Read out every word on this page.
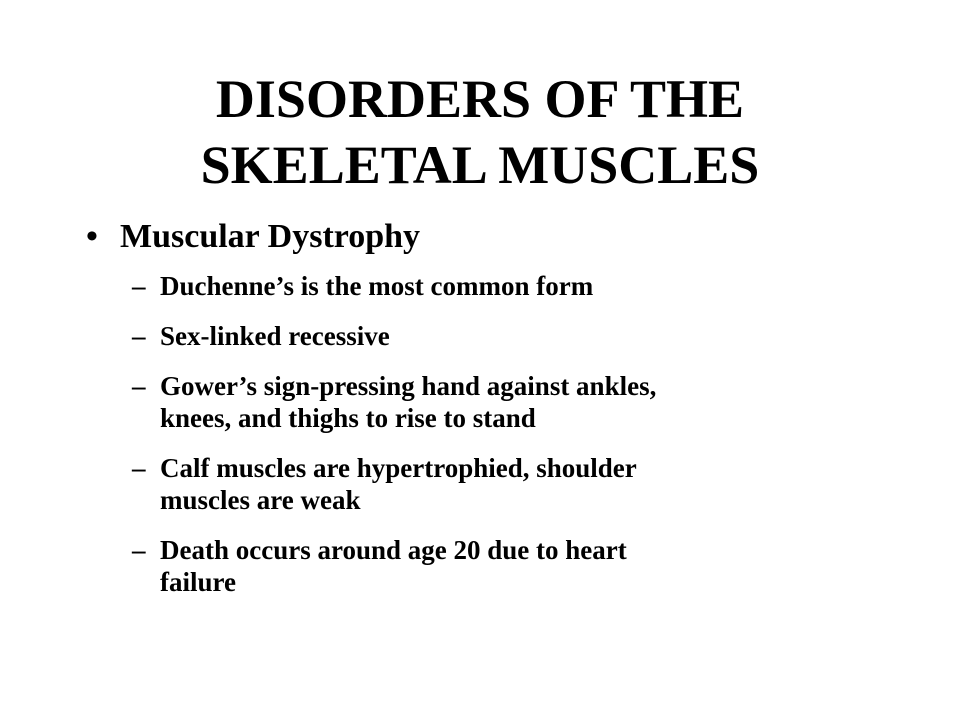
DISORDERS OF THE
SKELETAL MUSCLES
• Muscular Dystrophy
– Duchenne’s is the most common form
– Sex-linked recessive
– Gower’s sign-pressing hand against ankles,
knees, and thighs to rise to stand
– Calf muscles are hypertrophied, shoulder
muscles are weak
– Death occurs around age 20 due to heart
failure
